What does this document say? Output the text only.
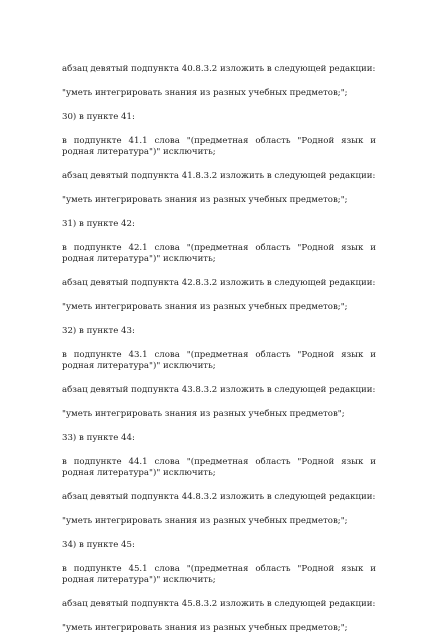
абзац девятый подпункта 40.8.3.2 изложить в следующей редакции:

"уметь интегрировать знания из разных учебных предметов;";

30) в пункте 41:

в подпункте 41.1 слова "(предметная область "Родной язык и родная литература")" исключить;

абзац девятый подпункта 41.8.3.2 изложить в следующей редакции:

"уметь интегрировать знания из разных учебных предметов;";

31) в пункте 42:

в подпункте 42.1 слова "(предметная область "Родной язык и родная литература")" исключить;

абзац девятый подпункта 42.8.3.2 изложить в следующей редакции:

"уметь интегрировать знания из разных учебных предметов;";

32) в пункте 43:

в подпункте 43.1 слова "(предметная область "Родной язык и родная литература")" исключить;

абзац девятый подпункта 43.8.3.2 изложить в следующей редакции:

"уметь интегрировать знания из разных учебных предметов";

33) в пункте 44:

в подпункте 44.1 слова "(предметная область "Родной язык и родная литература")" исключить;

абзац девятый подпункта 44.8.3.2 изложить в следующей редакции:

"уметь интегрировать знания из разных учебных предметов;";

34) в пункте 45:

в подпункте 45.1 слова "(предметная область "Родной язык и родная литература")" исключить;

абзац девятый подпункта 45.8.3.2 изложить в следующей редакции:

"уметь интегрировать знания из разных учебных предметов;";
